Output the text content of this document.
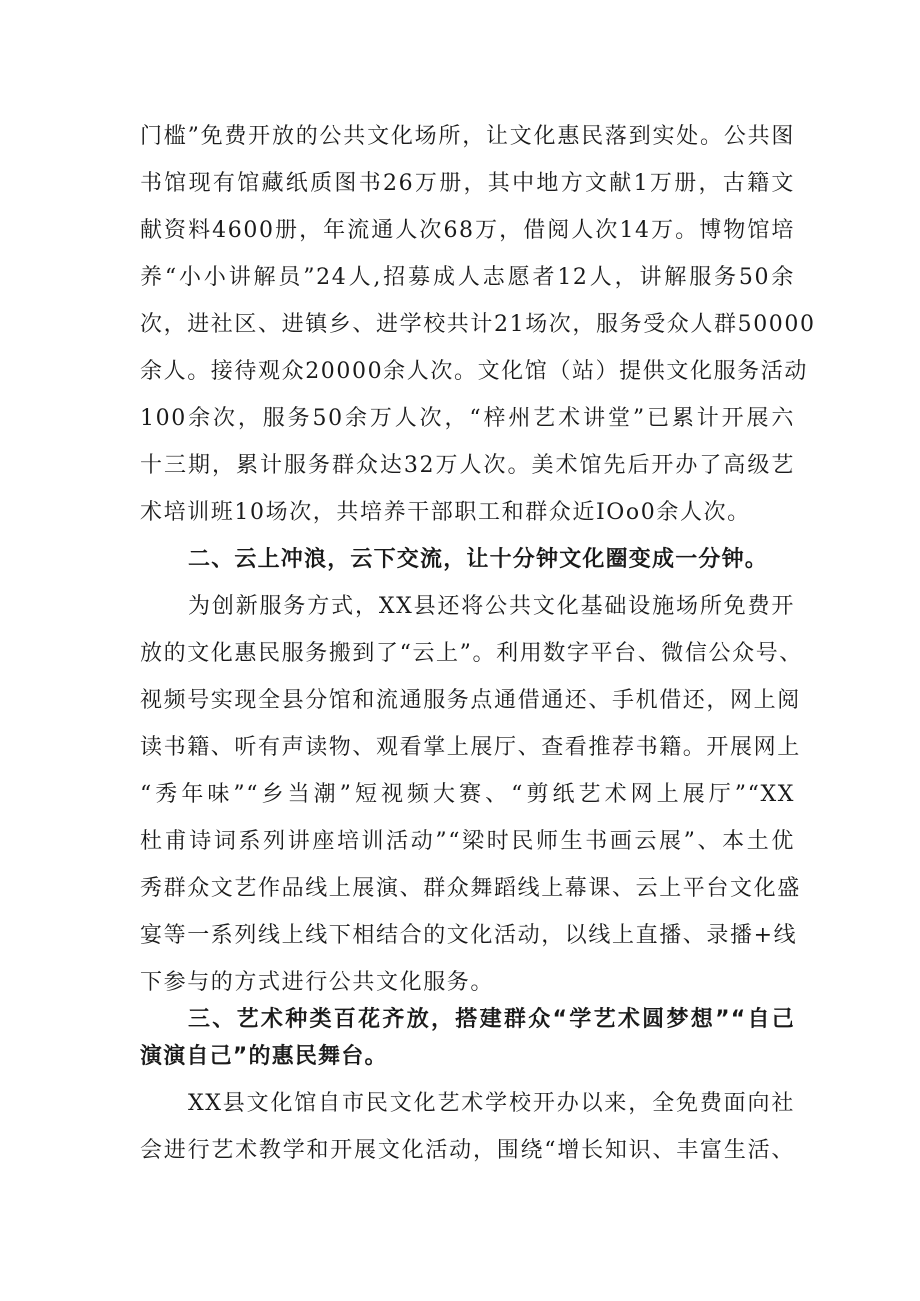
门槛”免费开放的公共文化场所，让文化惠民落到实处。公共图
书馆现有馆藏纸质图书26万册，其中地方文献1万册，古籍文
献资料4600册，年流通人次68万，借阅人次14万。博物馆培
养“小小讲解员”24人,招募成人志愿者12人，讲解服务50余
次，进社区、进镇乡、进学校共计21场次，服务受众人群50000
余人。接待观众20000余人次。文化馆（站）提供文化服务活动
100余次，服务50余万人次，“梓州艺术讲堂”已累计开展六
十三期，累计服务群众达32万人次。美术馆先后开办了高级艺
术培训班10场次，共培养干部职工和群众近IOo0余人次。
二、云上冲浪，云下交流，让十分钟文化圈变成一分钟。
为创新服务方式，XX县还将公共文化基础设施场所免费开
放的文化惠民服务搬到了“云上”。利用数字平台、微信公众号、
视频号实现全县分馆和流通服务点通借通还、手机借还，网上阅
读书籍、听有声读物、观看掌上展厅、查看推荐书籍。开展网上
“秀年味”“乡当潮”短视频大赛、“剪纸艺术网上展厅”“XX
杜甫诗词系列讲座培训活动”“梁时民师生书画云展”、本土优
秀群众文艺作品线上展演、群众舞蹈线上幕课、云上平台文化盛
宴等一系列线上线下相结合的文化活动，以线上直播、录播+线
下参与的方式进行公共文化服务。
三、艺术种类百花齐放，搭建群众“学艺术圆梦想”“自己
演演自己”的惠民舞台。
XX县文化馆自市民文化艺术学校开办以来，全免费面向社
会进行艺术教学和开展文化活动，围绕“增长知识、丰富生活、
